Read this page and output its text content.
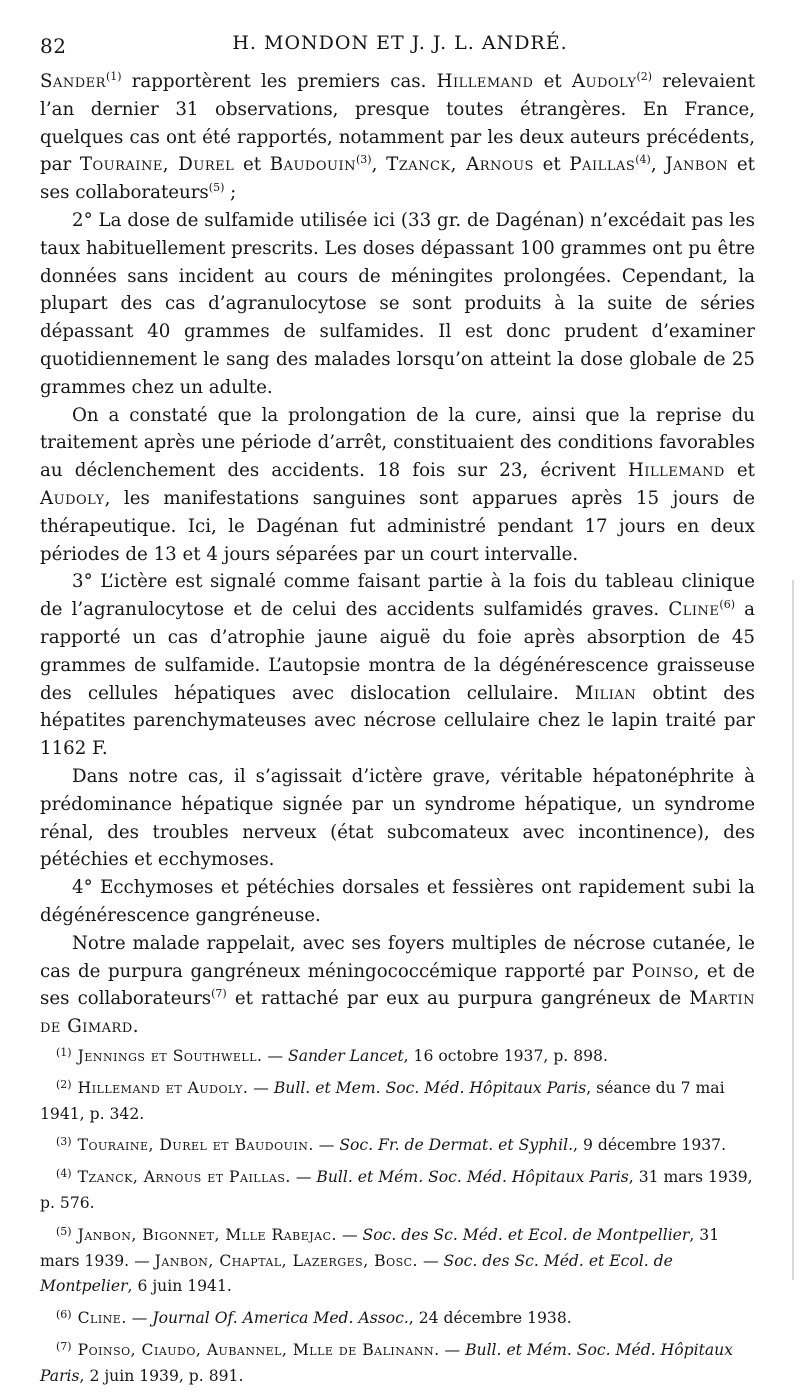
82	H. MONDON ET J. J. L. ANDRÉ.

Sander$^{(1)}$ rapportèrent les premiers cas. Hillemand et Audoly$^{(2)}$ relevaient l’an dernier 31 observations, presque toutes étrangères. En France, quelques cas ont été rapportés, notamment par les deux auteurs précédents, par Touraine, Durel et Baudouin$^{(3)}$, Tzanck, Arnous et Paillas$^{(4)}$, Janbon et ses collaborateurs$^{(5)}$ ;

2° La dose de sulfamide utilisée ici (33 gr. de Dagénan) n’excédait pas les taux habituellement prescrits. Les doses dépassant 100 grammes ont pu être données sans incident au cours de méningites prolongées. Cependant, la plupart des cas d’agranulocytose se sont produits à la suite de séries dépassant 40 grammes de sulfamides. Il est donc prudent d’examiner quotidiennement le sang des malades lorsqu’on atteint la dose globale de 25 grammes chez un adulte.

On a constaté que la prolongation de la cure, ainsi que la reprise du traitement après une période d’arrêt, constituaient des conditions favorables au déclenchement des accidents. 18 fois sur 23, écrivent Hillemand et Audoly, les manifestations sanguines sont apparues après 15 jours de thérapeutique. Ici, le Dagénan fut administré pendant 17 jours en deux périodes de 13 et 4 jours séparées par un court intervalle.

3° L’ictère est signalé comme faisant partie à la fois du tableau clinique de l’agranulocytose et de celui des accidents sulfamidés graves. Cline$^{(6)}$ a rapporté un cas d’atrophie jaune aiguë du foie après absorption de 45 grammes de sulfamide. L’autopsie montra de la dégénérescence graisseuse des cellules hépatiques avec dislocation cellulaire. Milian obtint des hépatites parenchymateuses avec nécrose cellulaire chez le lapin traité par 1162 F.

Dans notre cas, il s’agissait d’ictère grave, véritable hépatonéphrite à prédominance hépatique signée par un syndrome hépatique, un syndrome rénal, des troubles nerveux (état subcomateux avec incontinence), des pétéchies et ecchymoses.

4° Ecchymoses et pétéchies dorsales et fessières ont rapidement subi la dégénérescence gangréneuse.

Notre malade rappelait, avec ses foyers multiples de nécrose cutanée, le cas de purpura gangréneux méningococcémique rapporté par Poinso, et de ses collaborateurs$^{(7)}$ et rattaché par eux au purpura gangréneux de Martin de Gimard.

$^{(1)}$ Jennings et Southwell. — Sander Lancet, 16 octobre 1937, p. 898.

$^{(2)}$ Hillemand et Audoly. — Bull. et Mem. Soc. Méd. Hôpitaux Paris, séance du 7 mai 1941, p. 342.

$^{(3)}$ Touraine, Durel et Baudouin. — Soc. Fr. de Dermat. et Syphil., 9 décembre 1937.

$^{(4)}$ Tzanck, Arnous et Paillas. — Bull. et Mém. Soc. Méd. Hôpitaux Paris, 31 mars 1939, p. 576.

$^{(5)}$ Janbon, Bigonnet, Mlle Rabejac. — Soc. des Sc. Méd. et Ecol. de Montpellier, 31 mars 1939. — Janbon, Chaptal, Lazerges, Bosc. — Soc. des Sc. Méd. et Ecol. de Montpelier, 6 juin 1941.

$^{(6)}$ Cline. — Journal Of. America Med. Assoc., 24 décembre 1938.

$^{(7)}$ Poinso, Ciaudo, Aubannel, Mlle de Balinann. — Bull. et Mém. Soc. Méd. Hôpitaux Paris, 2 juin 1939, p. 891.
